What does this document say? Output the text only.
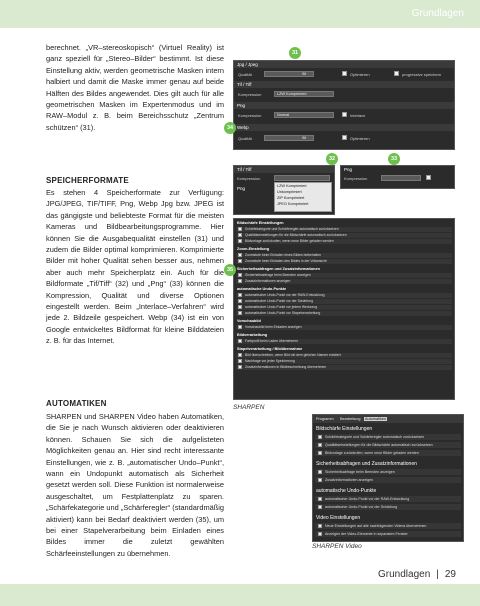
Grundlagen

berechnet. „VR–stereoskopisch“ (Virtuel Reality) ist ganz speziell für „Stereo–Bilder“ bestimmt. Ist diese Einstellung aktiv, werden geometrische Masken intern halbiert und damit die Maske immer genau auf beide Hälften des Bildes angewendet. Dies gilt auch für alle geometrischen Masken im Expertenmodus und im RAW–Modul z. B. beim Bereichsschutz „Zentrum schützen“ (31).

SPEICHERFORMATE

Es stehen 4 Speicherformate zur Verfügung: JPG/JPEG, TIF/TIFF, Png, Webp Jpg bzw. JPEG ist das gängigste und beliebteste Format für die meisten Kameras und Bildbearbeitungsprogramme. Hier können Sie die Ausgabequalität einstellen (31) und zudem die Bilder optimal komprimieren. Komprimierte Bilder mit hoher Qualität sehen besser aus, nehmen aber auch mehr Speicherplatz ein. Auch für die Bildformate „Tif/Tiff“ (32) und „Png“ (33) können die Kompression, Qualität und diverse Optionen eingestellt werden. Beim „Interlace–Verfahren“ wird jede 2. Bildzeile gespeichert. Webp (34) ist ein von Google entwickeltes Bildformat für kleine Bilddateien z. B. für das Internet.

AUTOMATIKEN

SHARPEN und SHARPEN Video haben Automatiken, die Sie je nach Wunsch aktivieren oder deaktivieren können. Schauen Sie sich die aufgelisteten Möglichkeiten genau an. Hier sind recht interessante Einstellungen, wie z. B. „automatischer Undo–Punkt“, wann ein Undopunkt automatisch als Sicherheit gesetzt werden soll. Diese Funktion ist normalerweise ausgeschaltet, um Festplattenplatz zu sparen. „Schärfekategorie und „Schärferegler“ (standardmäßig aktiviert) kann bei Bedarf deaktiviert werden (35), um bei einer Stapelverarbeitung beim Einladen eines Bildes immer die zuletzt gewählten Schärfeeinstellungen zu übernehmen.

Jpg / Jpeg
Qualität	96	Optimieren	progressive speichern
Tif / Tiff
Kompression	LZW Komprimiert
Png
Kompression	Normal	Interlace
Webp
Qualität	96	Optimieren
31
34
Tif / Tiff
Kompression
Png	LZW Komprimiert
Unkomprimiert
ZIP Komprimiert
JPEG Komprimiert
32
Png
Kompression
33
Bildschärfe Einstellungen
Schärfekategorie und Schärferegler automatisch zurücksetzen
Qualitätseinstellungen für die Bildschärfe automatisch zurücksetzen
Bildvorlage zurückrufen, wenn neue Bilder geladen werden
Zoom-Einstellung
Zoomstufe beim Einladen eines Bildes beibehalten
Zoomstufe beim Einladen des Bildes in der Vollansicht
Sicherheitsabfragen und Zusatzinformationen
Sicherheitsabfrage beim Beenden anzeigen
Zusatzinformationen anzeigen
automatische Undo-Punkte
automatischer Undo-Punkt vor der RAW-Entwicklung
automatischer Undo-Punkt vor der Schärfung
automatischer Undo-Punkt vor jedem Werkzeug
automatischer Undo-Punkt vor Stapelverarbeitung
Vorschaubild
Vorschaubild beim Einladen anzeigen
Bildverarbeitung
Farbprofil beim Laden übernehmen
Stapelverarbeitung / Bildübernahme
Bild überschreiben, wenn Bild mit dem gleichen Namen existiert
Nachfrage vor jeder Speicherung
Zusatzinformationen in Bildbeschreibung übernehmen
35
SHARPEN
Programm Bearbeitung Automatiken
Bildschärfe Einstellungen
Schärfekategorie und Schärferegler automatisch zurücksetzen
Qualitätseinstellungen für die Bildschärfe automatisch zurücksetzen
Bildvorlage zurückrufen, wenn neue Bilder geladen werden
Sicherheitsabfragen und Zusatzinformationen
Sicherheitsabfrage beim Beenden anzeigen
Zusatzinformationen anzeigen
automatische Undo-Punkte
automatischer Undo-Punkt vor der RAW-Entwicklung
automatischer Undo-Punkt vor der Schärfung
Video Einstellungen
Neue Einstellungen auf alle nachfolgenden Videos übernehmen
Anzeigen der Video-Elemente in separatem Fenster
SHARPEN Video
Grundlagen | 29
